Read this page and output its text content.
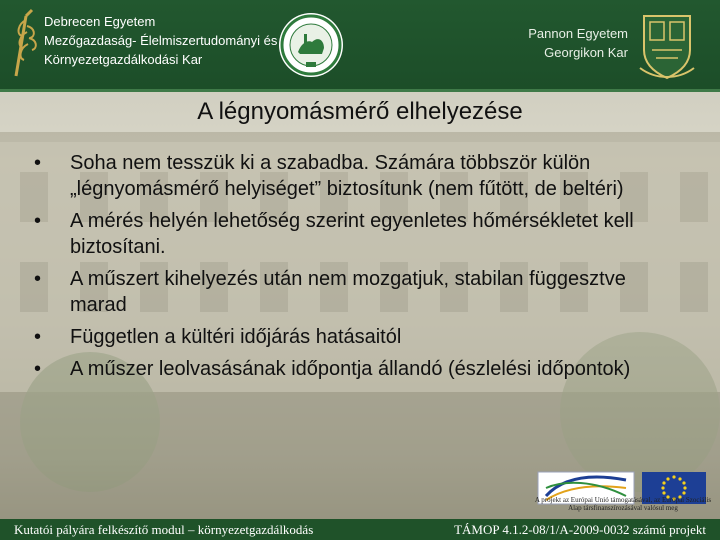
Debrecen Egyetem
Mezőgazdaság- Élelmiszertudományi és
Környezetgazdálkodási Kar
Pannon Egyetem
Georgikon Kar
A légnyomásmérő elhelyezése
• Soha nem tesszük ki a szabadba. Számára többször külön „légnyomásmérő helyiséget” biztosítunk (nem fűtött, de beltéri)
• A mérés helyén lehetőség szerint egyenletes hőmérsékletet kell biztosítani.
• A műszert kihelyezés után nem mozgatjuk, stabilan függesztve marad
• Független a kültéri időjárás hatásaitól
• A műszer leolvasásának időpontja állandó (észlelési időpontok)
A projekt az Európai Unió támogatásával, az Európai Szociális Alap társfinanszírozásával valósul meg
Kutatói pályára felkészítő modul – környezetgazdálkodás	TÁMOP 4.1.2-08/1/A-2009-0032 számú projekt
